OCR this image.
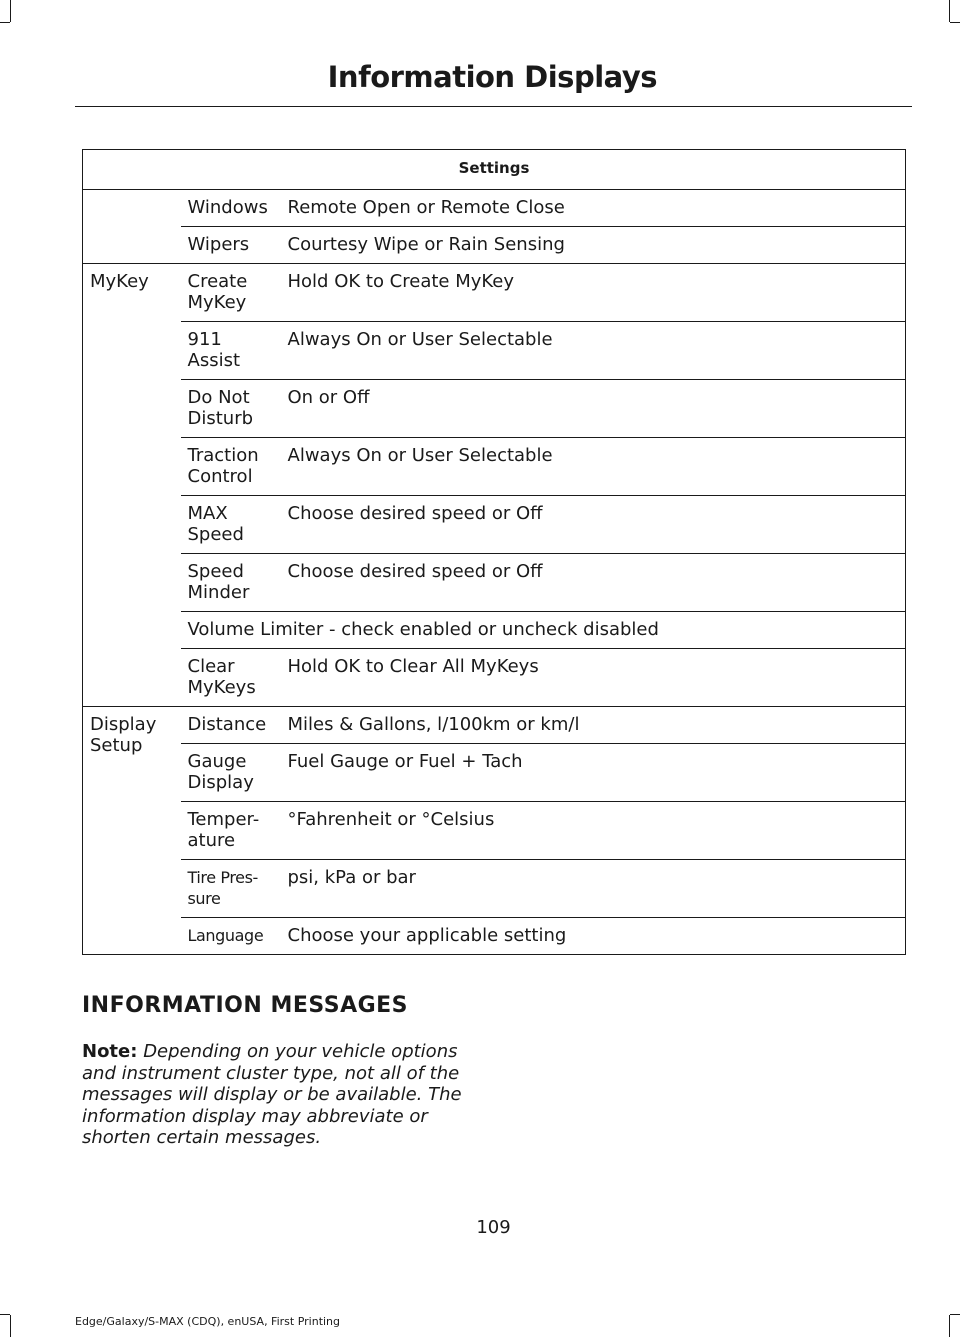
Information Displays
Settings		
	Windows	Remote Open or Remote Close
	Wipers	Courtesy Wipe or Rain Sensing
MyKey	Create MyKey	Hold OK to Create MyKey
	911 Assist	Always On or User Selectable
	Do Not Disturb	On or Off
	Traction Control	Always On or User Selectable
	MAX Speed	Choose desired speed or Off
	Speed Minder	Choose desired speed or Off
	Volume Limiter - check enabled or uncheck disabled	
	Clear MyKeys	Hold OK to Clear All MyKeys
Display Setup	Distance	Miles & Gallons, l/100km or km/l
	Gauge Display	Fuel Gauge or Fuel + Tach
	Temper-ature	°Fahrenheit or °Celsius
	Tire Pres-sure	psi, kPa or bar
	Language	Choose your applicable setting
INFORMATION MESSAGES

Note: Depending on your vehicle options and instrument cluster type, not all of the messages will display or be available. The information display may abbreviate or shorten certain messages.

109
Edge/Galaxy/S-MAX (CDQ), enUSA, First Printing
